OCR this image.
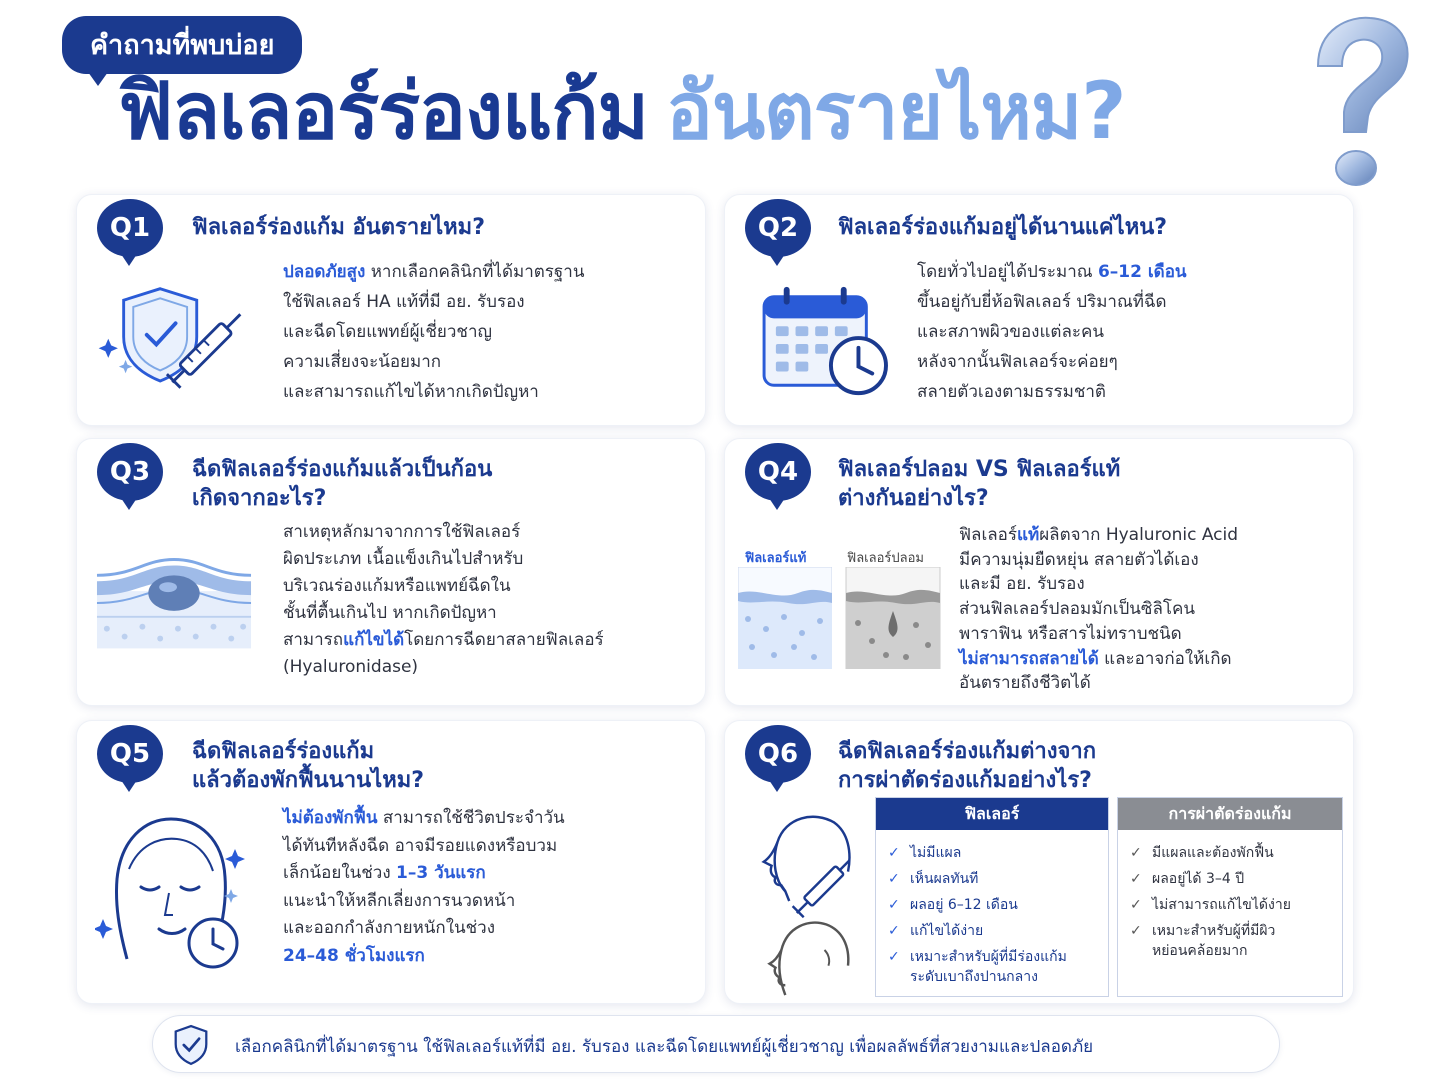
คำถามที่พบบ่อย
ฟิลเลอร์ร่องแก้ม อันตรายไหม?
Q1	ฟิลเลอร์ร่องแก้ม อันตรายไหม?
ปลอดภัยสูง หากเลือกคลินิกที่ได้มาตรฐาน
ใช้ฟิลเลอร์ HA แท้ที่มี อย. รับรอง
และฉีดโดยแพทย์ผู้เชี่ยวชาญ
ความเสี่ยงจะน้อยมาก
และสามารถแก้ไขได้หากเกิดปัญหา
Q2	ฟิลเลอร์ร่องแก้มอยู่ได้นานแค่ไหน?
โดยทั่วไปอยู่ได้ประมาณ 6–12 เดือน
ขึ้นอยู่กับยี่ห้อฟิลเลอร์ ปริมาณที่ฉีด
และสภาพผิวของแต่ละคน
หลังจากนั้นฟิลเลอร์จะค่อยๆ
สลายตัวเองตามธรรมชาติ
Q3	ฉีดฟิลเลอร์ร่องแก้มแล้วเป็นก้อน
เกิดจากอะไร?
สาเหตุหลักมาจากการใช้ฟิลเลอร์
ผิดประเภท เนื้อแข็งเกินไปสำหรับ
บริเวณร่องแก้มหรือแพทย์ฉีดใน
ชั้นที่ตื้นเกินไป หากเกิดปัญหา
สามารถแก้ไขได้โดยการฉีดยาสลายฟิลเลอร์
(Hyaluronidase)
Q4	ฟิลเลอร์ปลอม VS ฟิลเลอร์แท้
ต่างกันอย่างไร?
ฟิลเลอร์แท้	ฟิลเลอร์ปลอม
ฟิลเลอร์แท้ผลิตจาก Hyaluronic Acid
มีความนุ่มยืดหยุ่น สลายตัวได้เอง
และมี อย. รับรอง
ส่วนฟิลเลอร์ปลอมมักเป็นซิลิโคน
พาราฟิน หรือสารไม่ทราบชนิด
ไม่สามารถสลายได้ และอาจก่อให้เกิด
อันตรายถึงชีวิตได้
Q5	ฉีดฟิลเลอร์ร่องแก้ม
แล้วต้องพักฟื้นนานไหม?
ไม่ต้องพักฟื้น สามารถใช้ชีวิตประจำวัน
ได้ทันทีหลังฉีด อาจมีรอยแดงหรือบวม
เล็กน้อยในช่วง 1–3 วันแรก
แนะนำให้หลีกเลี่ยงการนวดหน้า
และออกกำลังกายหนักในช่วง
24–48 ชั่วโมงแรก
Q6	ฉีดฟิลเลอร์ร่องแก้มต่างจาก
การผ่าตัดร่องแก้มอย่างไร?
ฟิลเลอร์
✓ ไม่มีแผล
✓ เห็นผลทันที
✓ ผลอยู่ 6–12 เดือน
✓ แก้ไขได้ง่าย
✓ เหมาะสำหรับผู้ที่มีร่องแก้ม
ระดับเบาถึงปานกลาง
การผ่าตัดร่องแก้ม
✓ มีแผลและต้องพักฟื้น
✓ ผลอยู่ได้ 3–4 ปี
✓ ไม่สามารถแก้ไขได้ง่าย
✓ เหมาะสำหรับผู้ที่มีผิว
หย่อนคล้อยมาก
เลือกคลินิกที่ได้มาตรฐาน ใช้ฟิลเลอร์แท้ที่มี อย. รับรอง และฉีดโดยแพทย์ผู้เชี่ยวชาญ เพื่อผลลัพธ์ที่สวยงามและปลอดภัย
